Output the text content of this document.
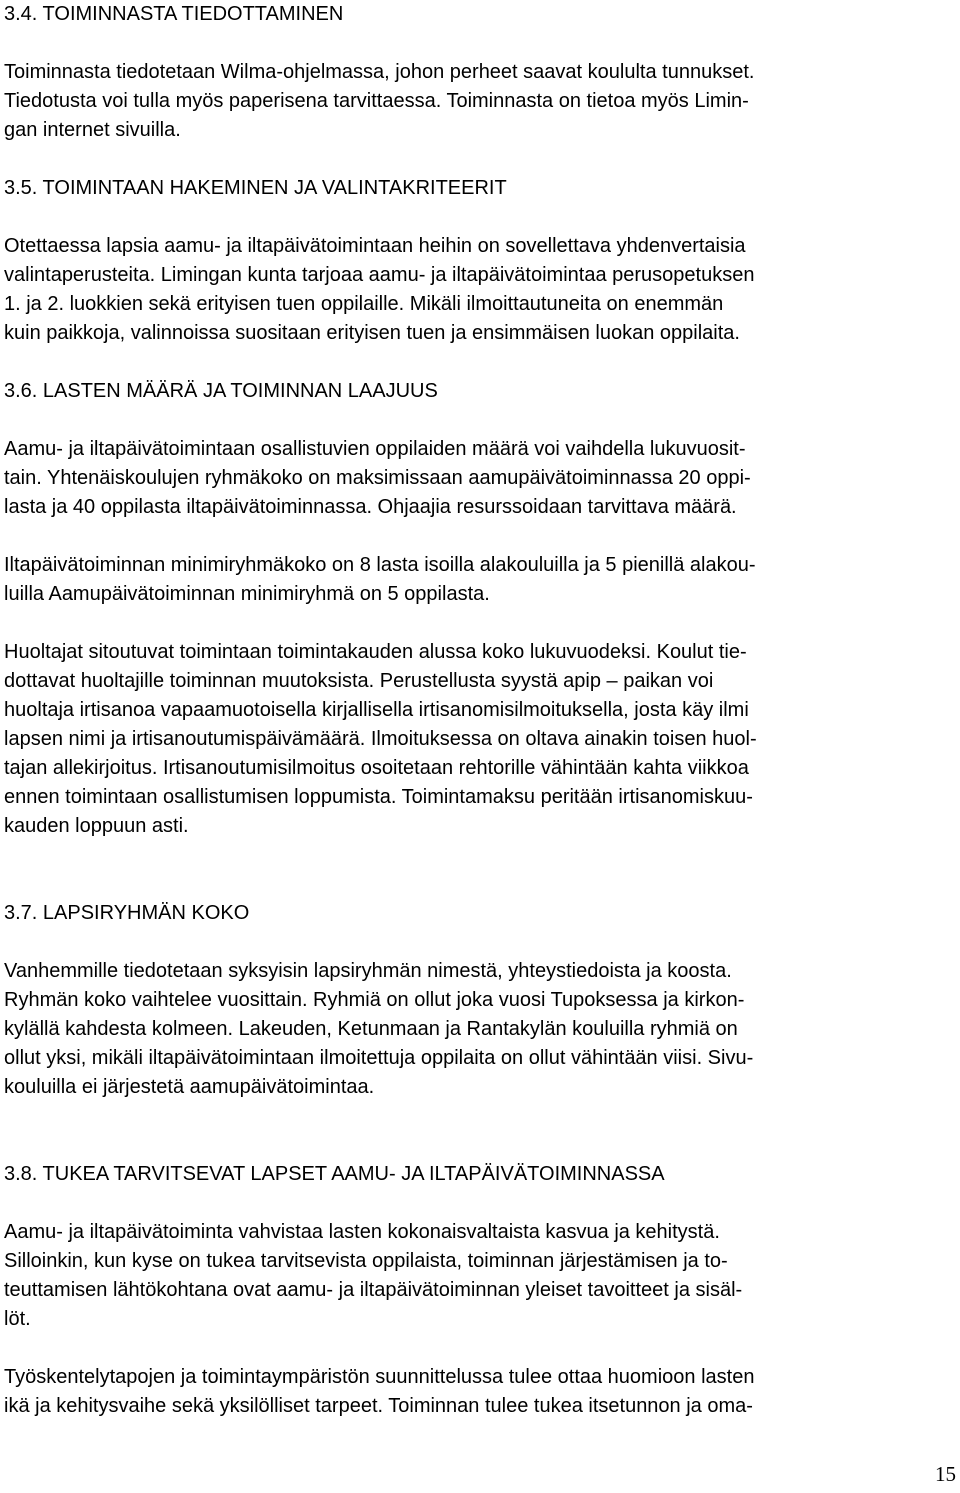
3.4. TOIMINNASTA TIEDOTTAMINEN
Toiminnasta tiedotetaan Wilma-ohjelmassa, johon perheet saavat koululta tunnukset.
Tiedotusta voi tulla myös paperisena tarvittaessa. Toiminnasta on tietoa myös Limin-
gan internet sivuilla.
3.5. TOIMINTAAN HAKEMINEN JA VALINTAKRITEERIT
Otettaessa lapsia aamu- ja iltapäivätoimintaan heihin on sovellettava yhdenvertaisia
valintaperusteita. Limingan kunta tarjoaa aamu- ja iltapäivätoimintaa perusopetuksen
1. ja 2. luokkien sekä erityisen tuen oppilaille. Mikäli ilmoittautuneita on enemmän
kuin paikkoja, valinnoissa suositaan erityisen tuen ja ensimmäisen luokan oppilaita.
3.6. LASTEN MÄÄRÄ JA TOIMINNAN LAAJUUS
Aamu- ja iltapäivätoimintaan osallistuvien oppilaiden määrä voi vaihdella lukuvuosit-
tain. Yhtenäiskoulujen ryhmäkoko on maksimissaan aamupäivätoiminnassa 20 oppi-
lasta ja 40 oppilasta iltapäivätoiminnassa. Ohjaajia resurssoidaan tarvittava määrä.
Iltapäivätoiminnan minimiryhmäkoko on 8 lasta isoilla alakouluilla ja 5 pienillä alakou-
luilla Aamupäivätoiminnan minimiryhmä on 5 oppilasta.
Huoltajat sitoutuvat toimintaan toimintakauden alussa koko lukuvuodeksi. Koulut tie-
dottavat huoltajille toiminnan muutoksista. Perustellusta syystä apip – paikan voi
huoltaja irtisanoa vapaamuotoisella kirjallisella irtisanomisilmoituksella, josta käy ilmi
lapsen nimi ja irtisanoutumispäivämäärä. Ilmoituksessa on oltava ainakin toisen huol-
tajan allekirjoitus. Irtisanoutumisilmoitus osoitetaan rehtorille vähintään kahta viikkoa
ennen toimintaan osallistumisen loppumista. Toimintamaksu peritään irtisanomiskuu-
kauden loppuun asti.
3.7. LAPSIRYHMÄN KOKO
Vanhemmille tiedotetaan syksyisin lapsiryhmän nimestä, yhteystiedoista ja koosta.
Ryhmän koko vaihtelee vuosittain. Ryhmiä on ollut joka vuosi Tupoksessa ja kirkon-
kylällä kahdesta kolmeen. Lakeuden, Ketunmaan ja Rantakylän kouluilla ryhmiä on
ollut yksi, mikäli iltapäivätoimintaan ilmoitettuja oppilaita on ollut vähintään viisi. Sivu-
kouluilla ei järjestetä aamupäivätoimintaa.
3.8. TUKEA TARVITSEVAT LAPSET AAMU- JA ILTAPÄIVÄTOIMINNASSA
Aamu- ja iltapäivätoiminta vahvistaa lasten kokonaisvaltaista kasvua ja kehitystä.
Silloinkin, kun kyse on tukea tarvitsevista oppilaista, toiminnan järjestämisen ja to-
teuttamisen lähtökohtana ovat aamu- ja iltapäivätoiminnan yleiset tavoitteet ja sisäl-
löt.
Työskentelytapojen ja toimintaympäristön suunnittelussa tulee ottaa huomioon lasten
ikä ja kehitysvaihe sekä yksilölliset tarpeet. Toiminnan tulee tukea itsetunnon ja oma-
15
